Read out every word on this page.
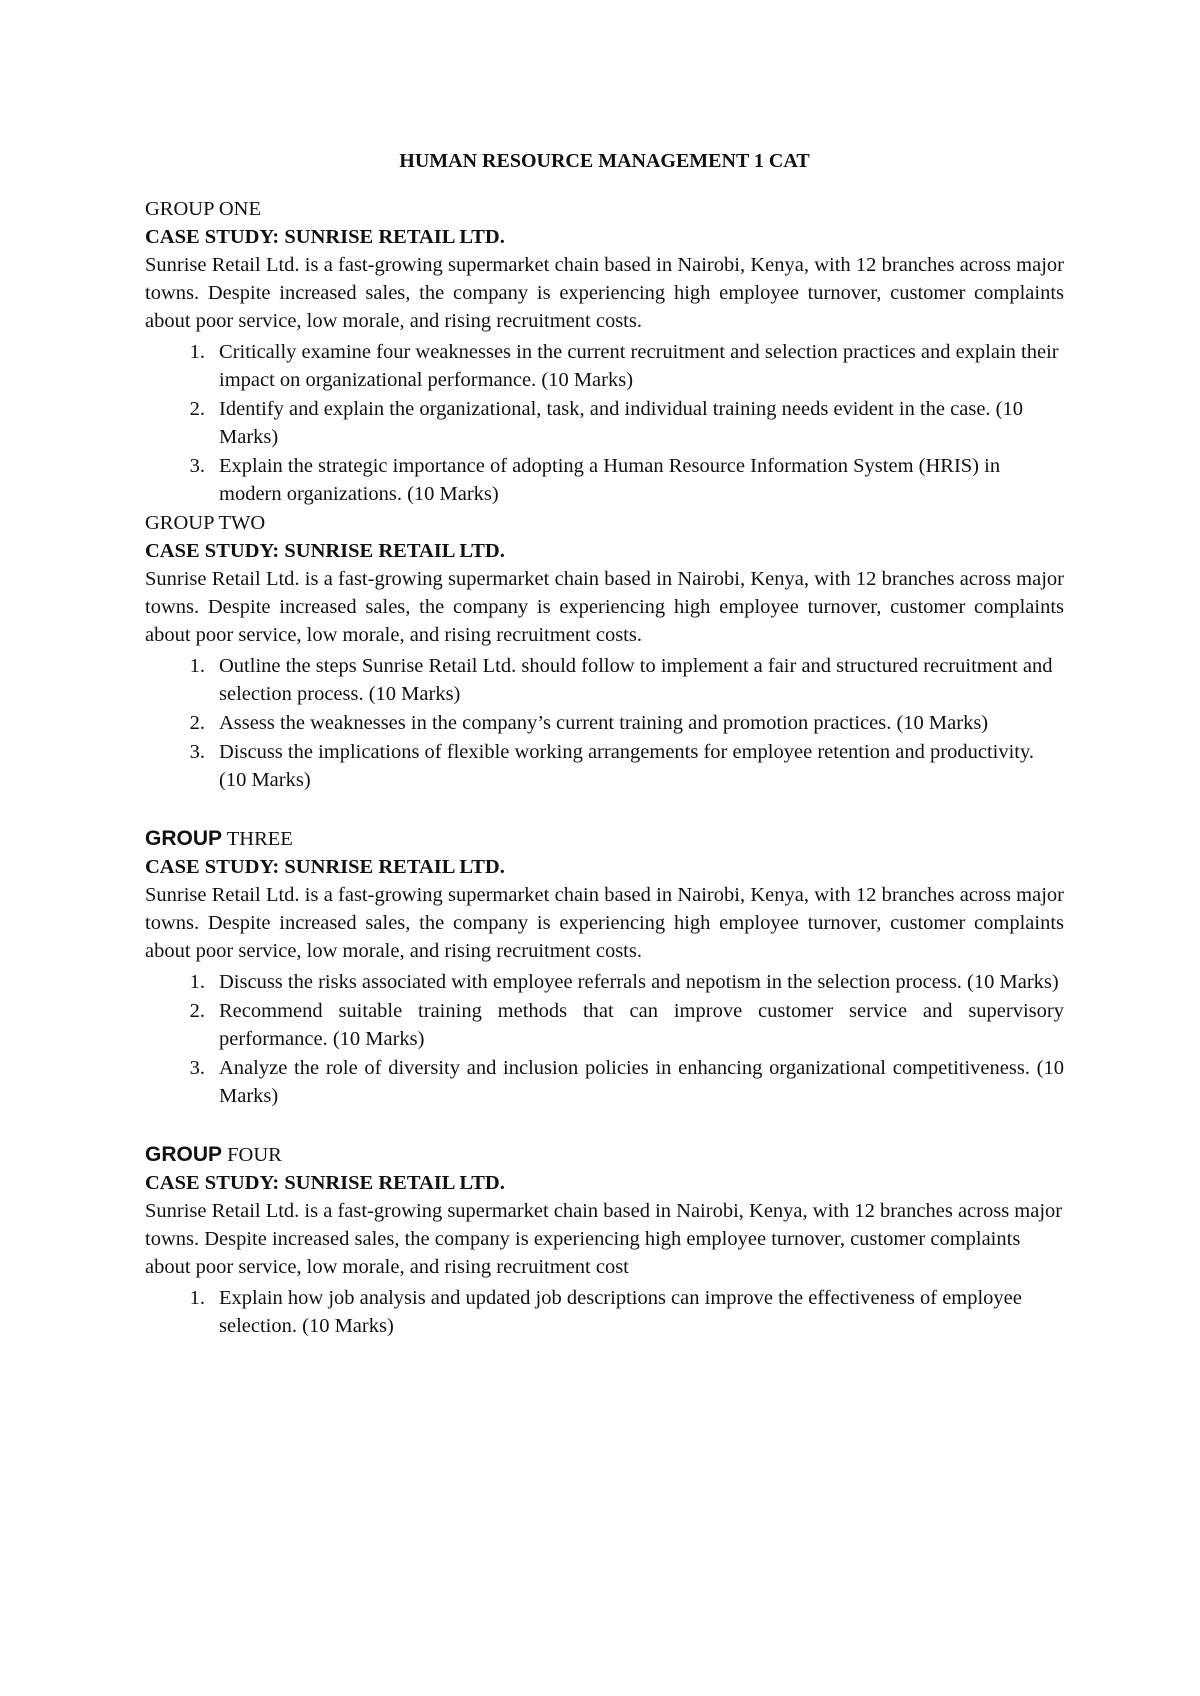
HUMAN RESOURCE MANAGEMENT 1 CAT

GROUP ONE

CASE STUDY: SUNRISE RETAIL LTD.

Sunrise Retail Ltd. is a fast-growing supermarket chain based in Nairobi, Kenya, with 12 branches across major towns. Despite increased sales, the company is experiencing high employee turnover, customer complaints about poor service, low morale, and rising recruitment costs.

1. Critically examine four weaknesses in the current recruitment and selection practices and explain their impact on organizational performance. (10 Marks)
2. Identify and explain the organizational, task, and individual training needs evident in the case. (10 Marks)
3. Explain the strategic importance of adopting a Human Resource Information System (HRIS) in modern organizations. (10 Marks)

GROUP TWO

CASE STUDY: SUNRISE RETAIL LTD.

Sunrise Retail Ltd. is a fast-growing supermarket chain based in Nairobi, Kenya, with 12 branches across major towns. Despite increased sales, the company is experiencing high employee turnover, customer complaints about poor service, low morale, and rising recruitment costs.

1. Outline the steps Sunrise Retail Ltd. should follow to implement a fair and structured recruitment and selection process. (10 Marks)
2. Assess the weaknesses in the company’s current training and promotion practices. (10 Marks)
3. Discuss the implications of flexible working arrangements for employee retention and productivity. (10 Marks)

GROUP THREE

CASE STUDY: SUNRISE RETAIL LTD.

Sunrise Retail Ltd. is a fast-growing supermarket chain based in Nairobi, Kenya, with 12 branches across major towns. Despite increased sales, the company is experiencing high employee turnover, customer complaints about poor service, low morale, and rising recruitment costs.

1. Discuss the risks associated with employee referrals and nepotism in the selection process. (10 Marks)
2. Recommend suitable training methods that can improve customer service and supervisory performance. (10 Marks)
3. Analyze the role of diversity and inclusion policies in enhancing organizational competitiveness. (10 Marks)

GROUP FOUR

CASE STUDY: SUNRISE RETAIL LTD.

Sunrise Retail Ltd. is a fast-growing supermarket chain based in Nairobi, Kenya, with 12 branches across major towns. Despite increased sales, the company is experiencing high employee turnover, customer complaints about poor service, low morale, and rising recruitment cost

1. Explain how job analysis and updated job descriptions can improve the effectiveness of employee selection. (10 Marks)
